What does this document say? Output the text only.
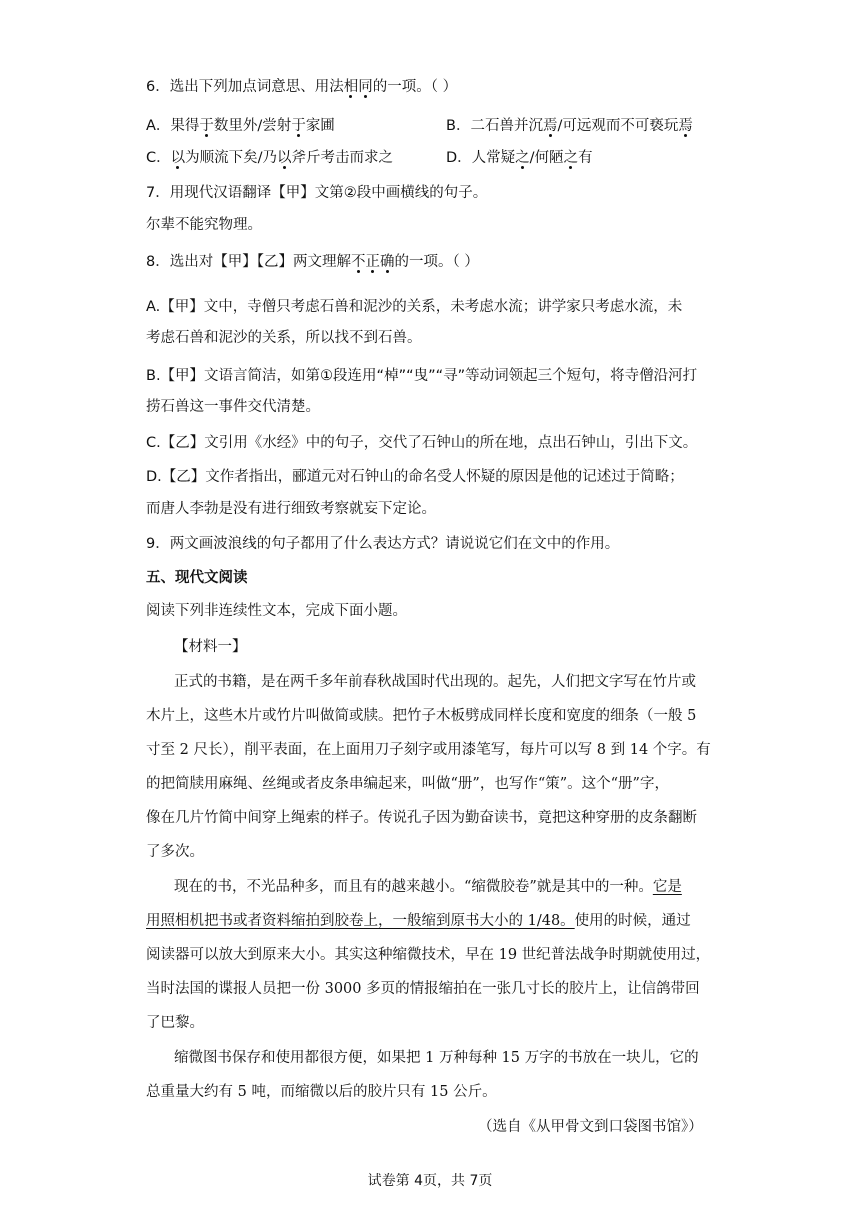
6．选出下列加点词意思、用法相同的一项。（ ）
A．果得于数里外/尝射于家圃	B．二石兽并沉焉/可远观而不可亵玩焉
C．以为顺流下矣/乃以斧斤考击而求之	D．人常疑之/何陋之有
7．用现代汉语翻译【甲】文第②段中画横线的句子。
尔辈不能究物理。
8．选出对【甲】【乙】两文理解不正确的一项。（ ）
A.【甲】文中，寺僧只考虑石兽和泥沙的关系，未考虑水流；讲学家只考虑水流，未
考虑石兽和泥沙的关系，所以找不到石兽。
B.【甲】文语言简洁，如第①段连用“棹”“曳”“寻”等动词领起三个短句，将寺僧沿河打
捞石兽这一事件交代清楚。
C.【乙】文引用《水经》中的句子，交代了石钟山的所在地，点出石钟山，引出下文。
D.【乙】文作者指出，郦道元对石钟山的命名受人怀疑的原因是他的记述过于简略；
而唐人李勃是没有进行细致考察就妄下定论。
9．两文画波浪线的句子都用了什么表达方式？请说说它们在文中的作用。
五、现代文阅读
阅读下列非连续性文本，完成下面小题。
【材料一】
正式的书籍，是在两千多年前春秋战国时代出现的。起先，人们把文字写在竹片或
木片上，这些木片或竹片叫做简或牍。把竹子木板劈成同样长度和宽度的细条（一般 5
寸至 2 尺长），削平表面，在上面用刀子刻字或用漆笔写，每片可以写 8 到 14 个字。有
的把简牍用麻绳、丝绳或者皮条串编起来，叫做“册”，也写作“策”。这个“册”字，
像在几片竹简中间穿上绳索的样子。传说孔子因为勤奋读书，竟把这种穿册的皮条翻断
了多次。
现在的书，不光品种多，而且有的越来越小。“缩微胶卷”就是其中的一种。它是
用照相机把书或者资料缩拍到胶卷上，一般缩到原书大小的 1/48。使用的时候，通过
阅读器可以放大到原来大小。其实这种缩微技术，早在 19 世纪普法战争时期就使用过，
当时法国的谍报人员把一份 3000 多页的情报缩拍在一张几寸长的胶片上，让信鸽带回
了巴黎。
缩微图书保存和使用都很方便，如果把 1 万种每种 15 万字的书放在一块儿，它的
总重量大约有 5 吨，而缩微以后的胶片只有 15 公斤。
（选自《从甲骨文到口袋图书馆》）
试卷第 4页，共 7页
